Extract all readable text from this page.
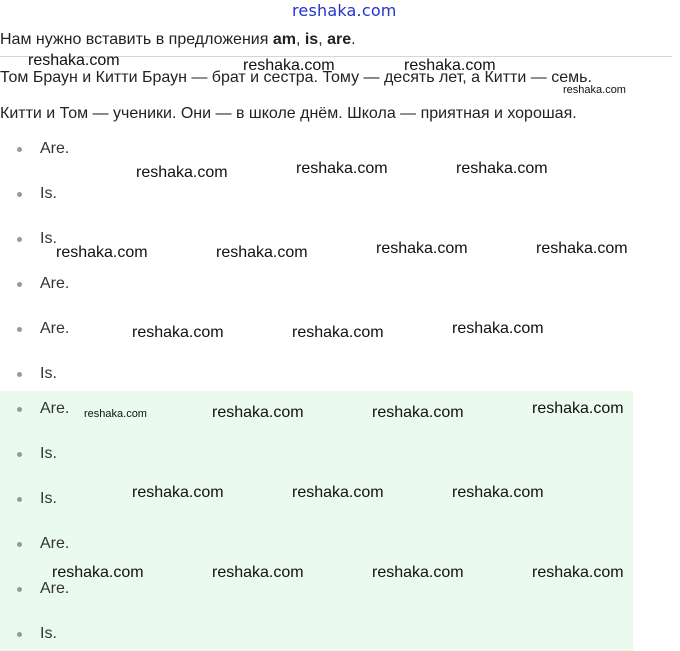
reshaka.com
Нам нужно вставить в предложения am, is, are.
Том Браун и Китти Браун — брат и сестра. Тому — десять лет, а Китти — семь.
Китти и Том — ученики. Они — в школе днём. Школа — приятная и хорошая.
Are.
Is.
Is.
Are.
Are.
Is.
Are.
Is.
Is.
Are.
Are.
Is.
reshaka.com	reshaka.com	reshaka.com
reshaka.com
reshaka.com	reshaka.com	reshaka.com
reshaka.com	reshaka.com	reshaka.com	reshaka.com
reshaka.com	reshaka.com	reshaka.com
reshaka.com	reshaka.com	reshaka.com	reshaka.com
reshaka.com	reshaka.com	reshaka.com
reshaka.com	reshaka.com	reshaka.com	reshaka.com
